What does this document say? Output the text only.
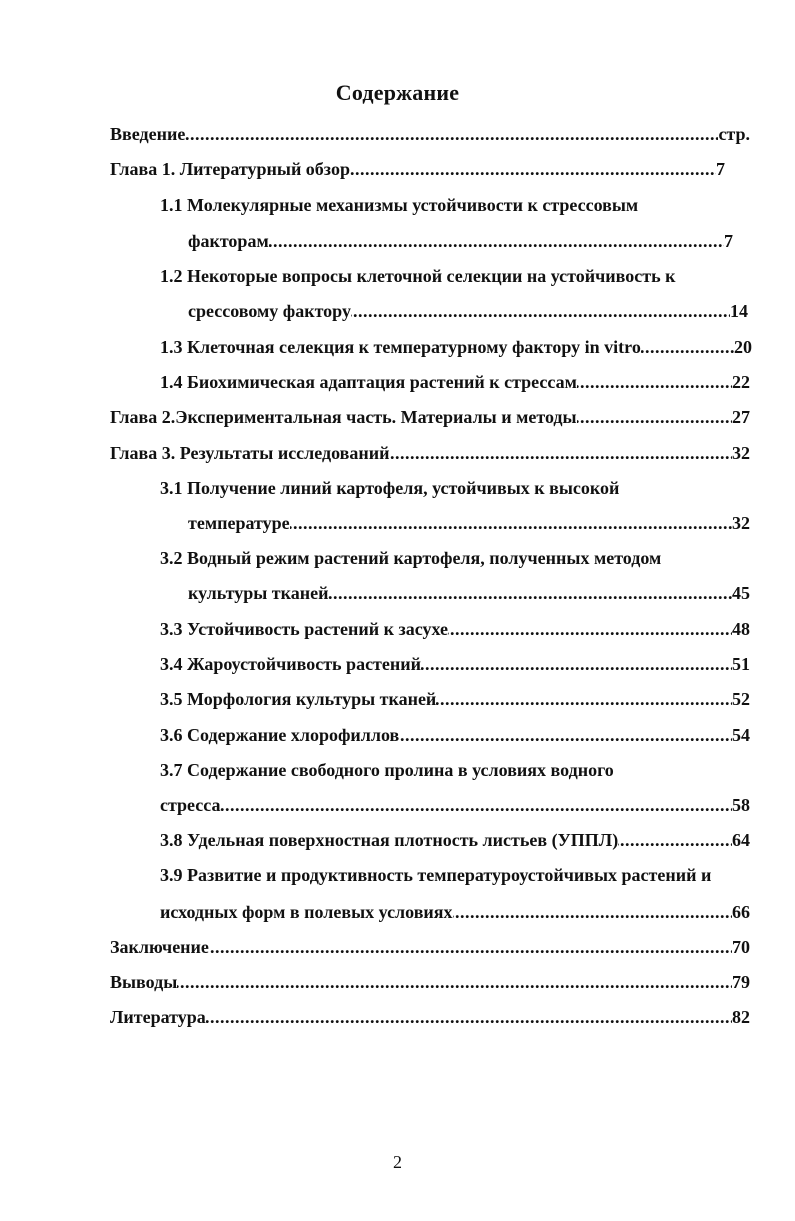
Содержание
Введение .....	стр.
Глава 1. Литературный обзор .....	7
1.1 Молекулярные механизмы устойчивости к стрессовым
факторам .....	7
1.2 Некоторые вопросы клеточной селекции на устойчивость к
срессовому фактору .....	14
1.3 Клеточная селекция к температурному фактору in vitro .....	20
1.4 Биохимическая адаптация растений к стрессам .....	22
Глава 2.Экспериментальная часть. Материалы и методы .....	27
Глава 3. Результаты исследований .....	32
3.1 Получение линий картофеля, устойчивых к высокой
температуре .....	32
3.2 Водный режим растений картофеля, полученных методом
культуры тканей .....	45
3.3 Устойчивость растений к засухе .....	48
3.4 Жароустойчивость растений .....	51
3.5 Морфология культуры тканей .....	52
3.6 Содержание хлорофиллов .....	54
3.7 Содержание свободного пролина в условиях водного
стресса .....	58
3.8 Удельная поверхностная плотность листьев (УППЛ) .....	64
3.9 Развитие и продуктивность температуроустойчивых растений и
исходных форм в полевых условиях .....	66
Заключение .....	70
Выводы .....	79
Литература .....	82
2
